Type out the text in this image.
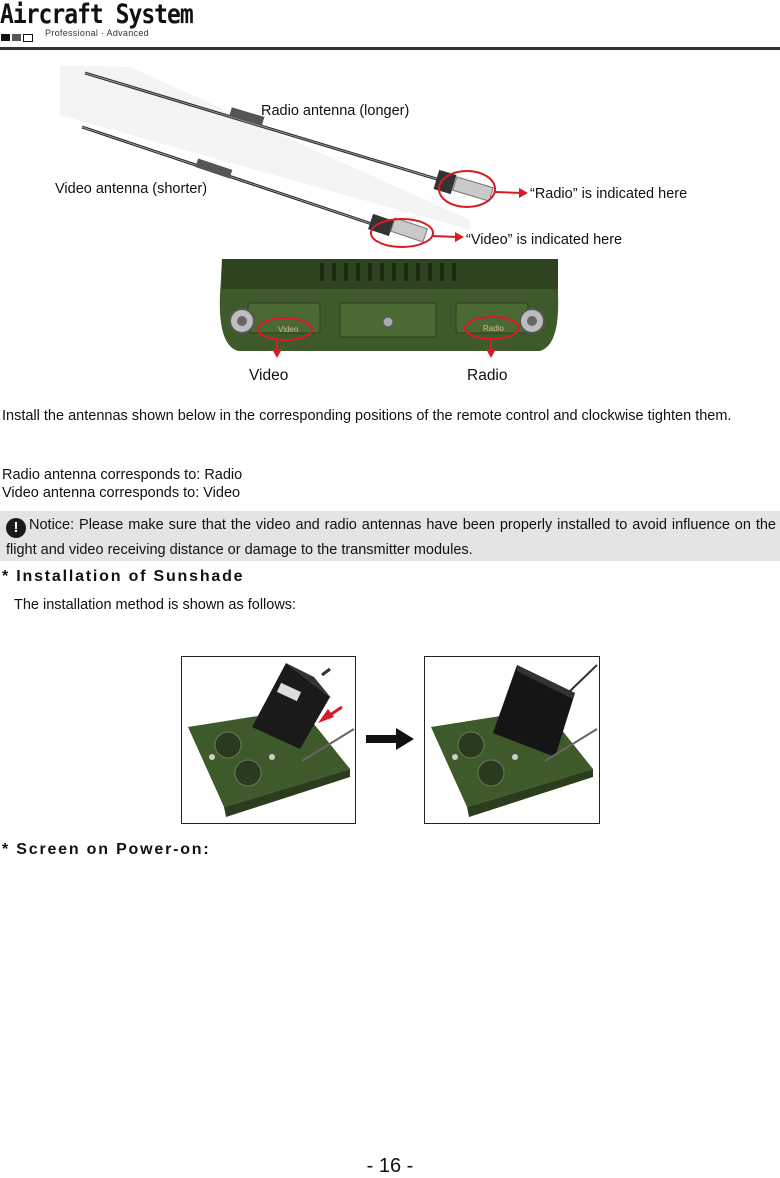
Aircraft System
Professional · Advanced
Video	Radio
Radio antenna (longer)
Video antenna (shorter)	“Radio” is indicated here
“Video” is indicated here
Video	Radio
Install the antennas shown below in the corresponding positions of the remote control and clockwise tighten them.
Radio antenna corresponds to: Radio
Video antenna corresponds to: Video
! Notice: Please make sure that the video and radio antennas have been properly installed to avoid influence on the flight and video receiving distance or damage to the transmitter modules.
* Installation of Sunshade
The installation method is shown as follows:
* Screen on Power-on:
- 16 -
